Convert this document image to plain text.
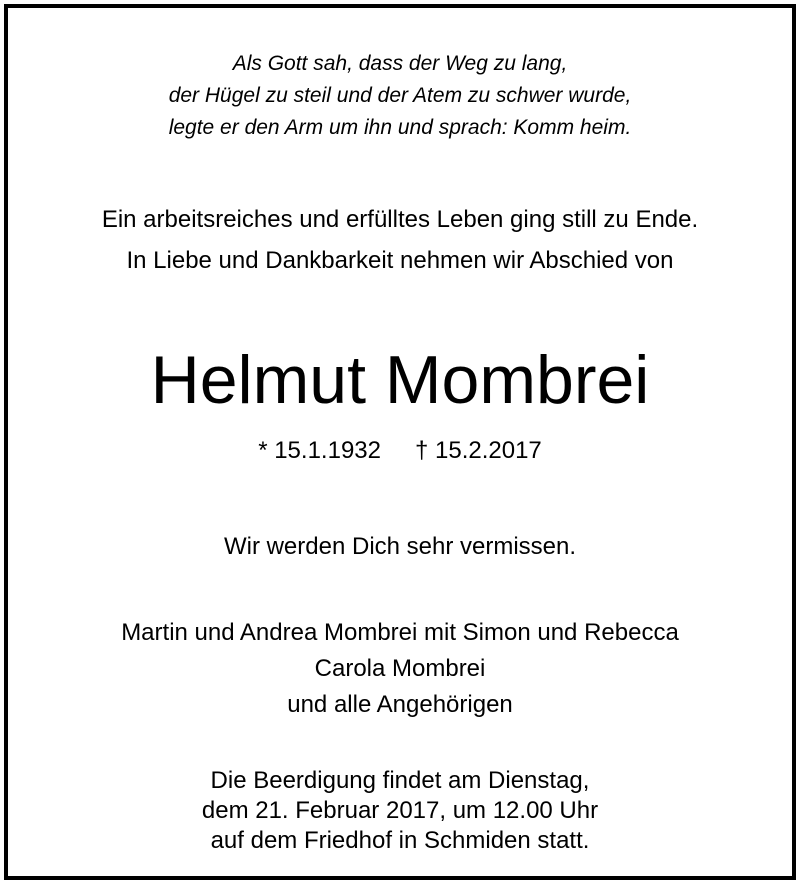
Als Gott sah, dass der Weg zu lang,
der Hügel zu steil und der Atem zu schwer wurde,
legte er den Arm um ihn und sprach: Komm heim.
Ein arbeitsreiches und erfülltes Leben ging still zu Ende.
In Liebe und Dankbarkeit nehmen wir Abschied von
Helmut Mombrei
* 15.1.1932 † 15.2.2017
Wir werden Dich sehr vermissen.
Martin und Andrea Mombrei mit Simon und Rebecca
Carola Mombrei
und alle Angehörigen
Die Beerdigung findet am Dienstag,
dem 21. Februar 2017, um 12.00 Uhr
auf dem Friedhof in Schmiden statt.
